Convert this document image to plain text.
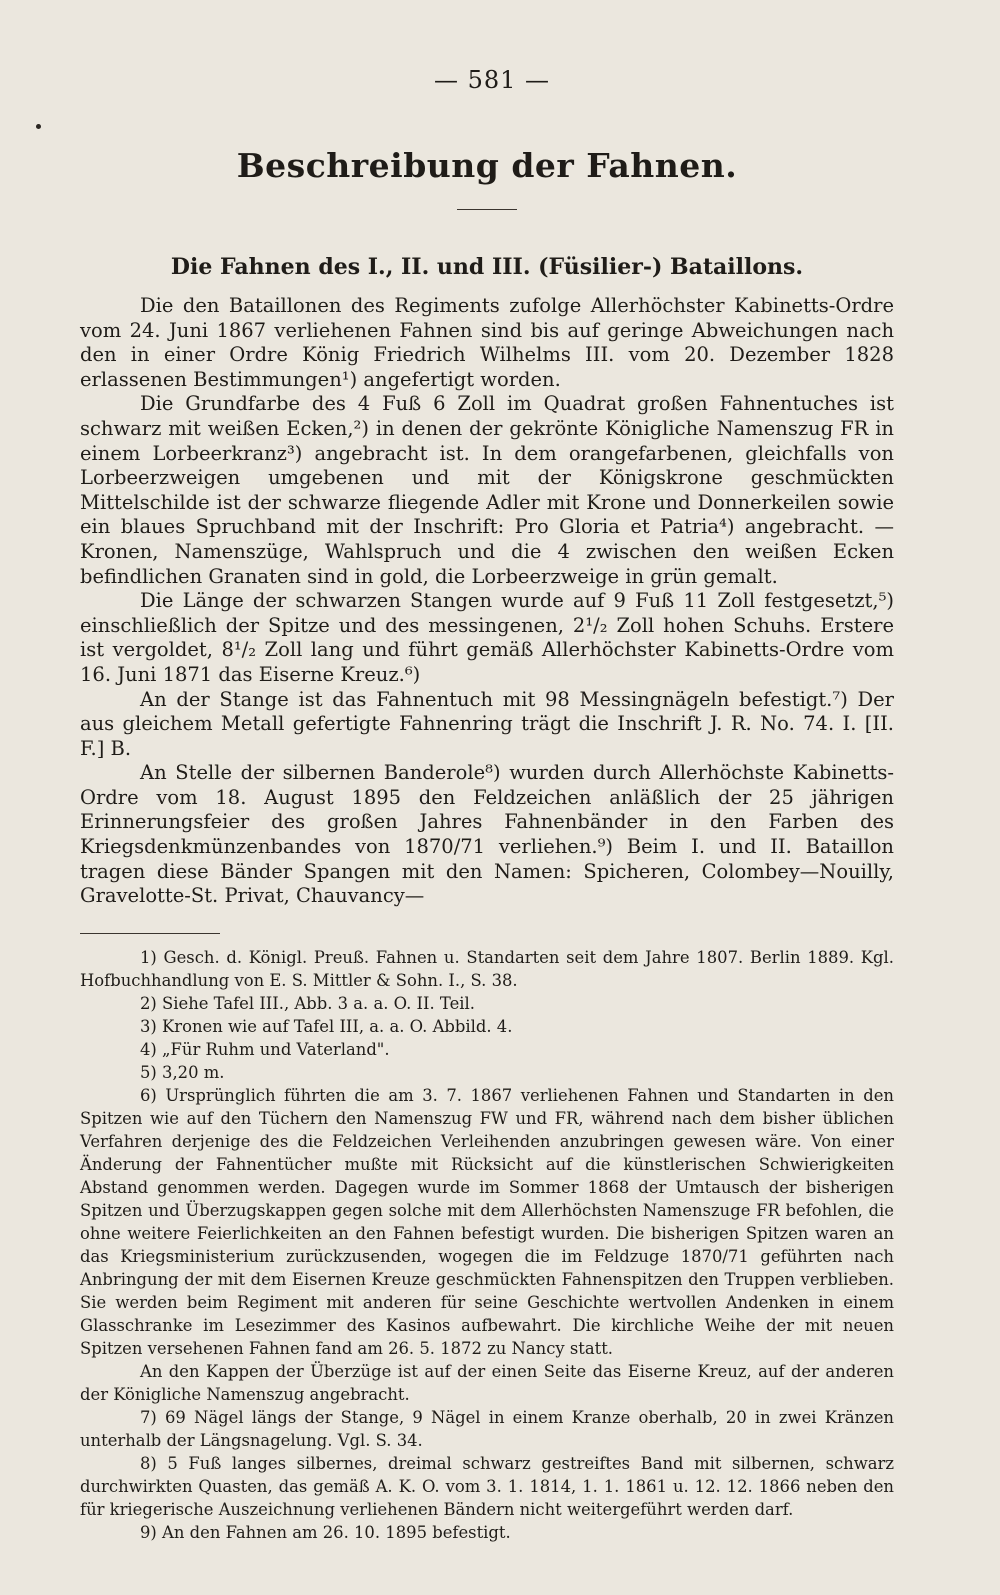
— 581 —
Beschreibung der Fahnen.
Die Fahnen des I., II. und III. (Füsilier-) Bataillons.

Die den Bataillonen des Regiments zufolge Allerhöchster Kabinetts-Ordre vom 24. Juni 1867 verliehenen Fahnen sind bis auf geringe Abweichungen nach den in einer Ordre König Friedrich Wilhelms III. vom 20. Dezember 1828 erlassenen Bestimmungen¹) angefertigt worden.

Die Grundfarbe des 4 Fuß 6 Zoll im Quadrat großen Fahnentuches ist schwarz mit weißen Ecken,²) in denen der gekrönte Königliche Namenszug FR in einem Lorbeerkranz³) angebracht ist. In dem orangefarbenen, gleichfalls von Lorbeerzweigen umgebenen und mit der Königskrone geschmückten Mittelschilde ist der schwarze fliegende Adler mit Krone und Donnerkeilen sowie ein blaues Spruchband mit der Inschrift: Pro Gloria et Patria⁴) angebracht. — Kronen, Namenszüge, Wahlspruch und die 4 zwischen den weißen Ecken befindlichen Granaten sind in gold, die Lorbeerzweige in grün gemalt.

Die Länge der schwarzen Stangen wurde auf 9 Fuß 11 Zoll festgesetzt,⁵) einschließlich der Spitze und des messingenen, 2¹/₂ Zoll hohen Schuhs. Erstere ist vergoldet, 8¹/₂ Zoll lang und führt gemäß Allerhöchster Kabinetts-Ordre vom 16. Juni 1871 das Eiserne Kreuz.⁶)

An der Stange ist das Fahnentuch mit 98 Messingnägeln befestigt.⁷) Der aus gleichem Metall gefertigte Fahnenring trägt die Inschrift J. R. No. 74. I. [II. F.] B.

An Stelle der silbernen Banderole⁸) wurden durch Allerhöchste Kabinetts-Ordre vom 18. August 1895 den Feldzeichen anläßlich der 25 jährigen Erinnerungsfeier des großen Jahres Fahnenbänder in den Farben des Kriegsdenkmünzenbandes von 1870/71 verliehen.⁹) Beim I. und II. Bataillon tragen diese Bänder Spangen mit den Namen: Spicheren, Colombey—Nouilly, Gravelotte-St. Privat, Chauvancy—

1) Gesch. d. Königl. Preuß. Fahnen u. Standarten seit dem Jahre 1807. Berlin 1889. Kgl. Hofbuchhandlung von E. S. Mittler & Sohn. I., S. 38.

2) Siehe Tafel III., Abb. 3 a. a. O. II. Teil.

3) Kronen wie auf Tafel III, a. a. O. Abbild. 4.

4) „Für Ruhm und Vaterland".

5) 3,20 m.

6) Ursprünglich führten die am 3. 7. 1867 verliehenen Fahnen und Standarten in den Spitzen wie auf den Tüchern den Namenszug FW und FR, während nach dem bisher üblichen Verfahren derjenige des die Feldzeichen Verleihenden anzubringen gewesen wäre. Von einer Änderung der Fahnentücher mußte mit Rücksicht auf die künstlerischen Schwierigkeiten Abstand genommen werden. Dagegen wurde im Sommer 1868 der Umtausch der bisherigen Spitzen und Überzugskappen gegen solche mit dem Allerhöchsten Namenszuge FR befohlen, die ohne weitere Feierlichkeiten an den Fahnen befestigt wurden. Die bisherigen Spitzen waren an das Kriegsministerium zurückzusenden, wogegen die im Feldzuge 1870/71 geführten nach Anbringung der mit dem Eisernen Kreuze geschmückten Fahnenspitzen den Truppen verblieben. Sie werden beim Regiment mit anderen für seine Geschichte wertvollen Andenken in einem Glasschranke im Lesezimmer des Kasinos aufbewahrt. Die kirchliche Weihe der mit neuen Spitzen versehenen Fahnen fand am 26. 5. 1872 zu Nancy statt.

An den Kappen der Überzüge ist auf der einen Seite das Eiserne Kreuz, auf der anderen der Königliche Namenszug angebracht.

7) 69 Nägel längs der Stange, 9 Nägel in einem Kranze oberhalb, 20 in zwei Kränzen unterhalb der Längsnagelung. Vgl. S. 34.

8) 5 Fuß langes silbernes, dreimal schwarz gestreiftes Band mit silbernen, schwarz durchwirkten Quasten, das gemäß A. K. O. vom 3. 1. 1814, 1. 1. 1861 u. 12. 12. 1866 neben den für kriegerische Auszeichnung verliehenen Bändern nicht weitergeführt werden darf.

9) An den Fahnen am 26. 10. 1895 befestigt.
